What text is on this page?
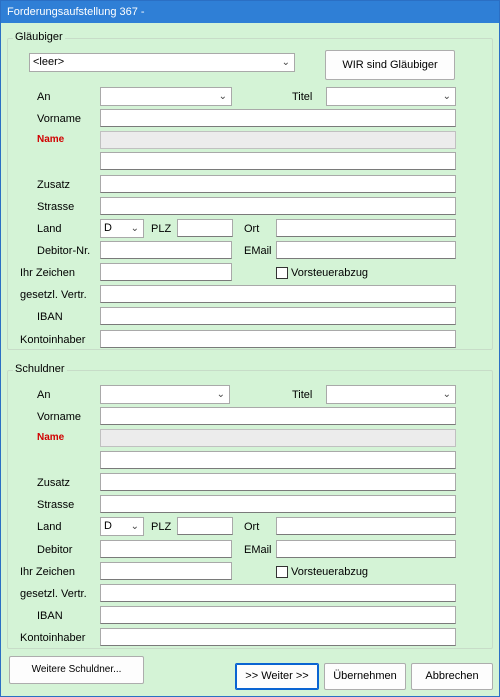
Forderungsaufstellung 367 -
Gläubiger
<leer>	⌄	WIR sind Gläubiger
An	⌄	Titel	⌄
Vorname
Name
Zusatz
Strasse
Land	D ⌄ PLZ	Ort
Debitor-Nr.	EMail
Ihr Zeichen	Vorsteuerabzug
gesetzl. Vertr.
IBAN
Kontoinhaber
Schuldner
An	⌄	Titel	⌄
Vorname
Name
Zusatz
Strasse
Land	D ⌄ PLZ	Ort
Debitor	EMail
Ihr Zeichen	Vorsteuerabzug
gesetzl. Vertr.
IBAN
Kontoinhaber
Weitere Schuldner...
>> Weiter >>	Übernehmen	Abbrechen
